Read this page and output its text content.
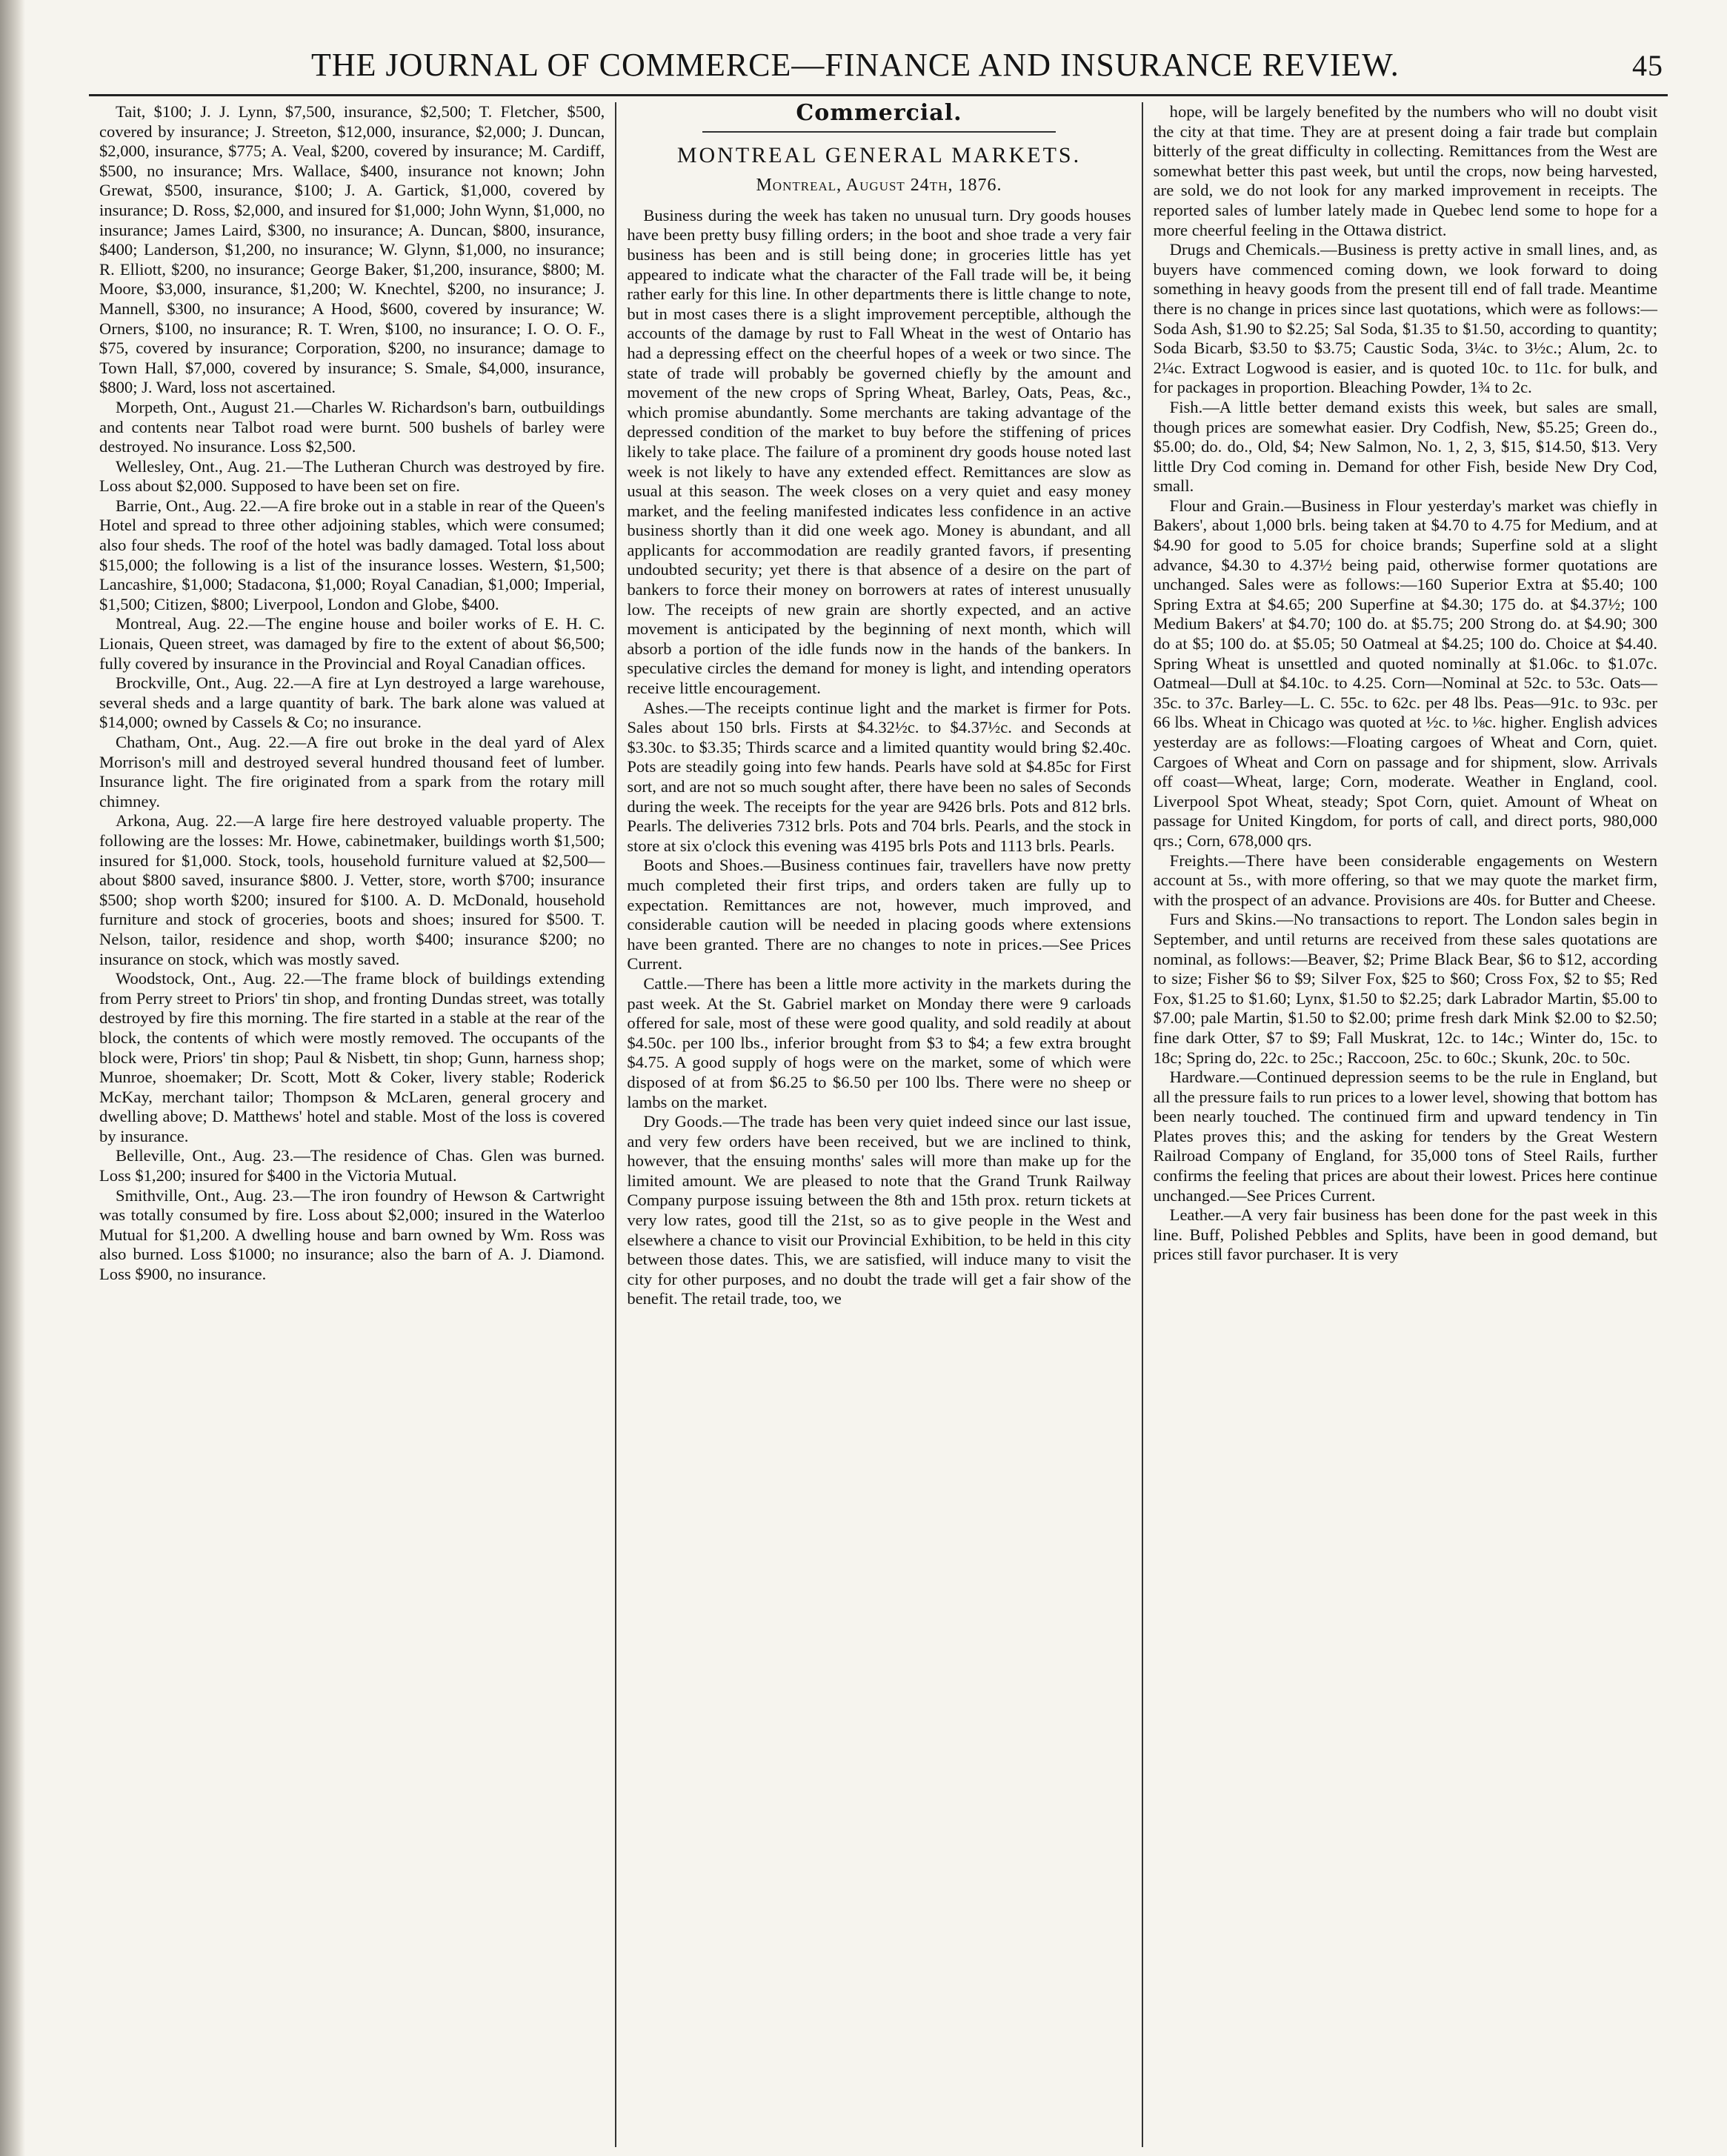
THE JOURNAL OF COMMERCE—FINANCE AND INSURANCE REVIEW.	45

Tait, $100; J. J. Lynn, $7,500, insurance, $2,500; T. Fletcher, $500, covered by insurance; J. Streeton, $12,000, insurance, $2,000; J. Duncan, $2,000, insurance, $775; A. Veal, $200, covered by insurance; M. Cardiff, $500, no insurance; Mrs. Wallace, $400, insurance not known; John Grewat, $500, insurance, $100; J. A. Gartick, $1,000, covered by insurance; D. Ross, $2,000, and insured for $1,000; John Wynn, $1,000, no insurance; James Laird, $300, no insurance; A. Duncan, $800, insurance, $400; Landerson, $1,200, no insurance; W. Glynn, $1,000, no insurance; R. Elliott, $200, no insurance; George Baker, $1,200, insurance, $800; M. Moore, $3,000, insurance, $1,200; W. Knechtel, $200, no insurance; J. Mannell, $300, no insurance; A Hood, $600, covered by insurance; W. Orners, $100, no insurance; R. T. Wren, $100, no insurance; I. O. O. F., $75, covered by insurance; Corporation, $200, no insurance; damage to Town Hall, $7,000, covered by insurance; S. Smale, $4,000, insurance, $800; J. Ward, loss not ascertained.

Morpeth, Ont., August 21.—Charles W. Richardson's barn, outbuildings and contents near Talbot road were burnt. 500 bushels of barley were destroyed. No insurance. Loss $2,500.

Wellesley, Ont., Aug. 21.—The Lutheran Church was destroyed by fire. Loss about $2,000. Supposed to have been set on fire.

Barrie, Ont., Aug. 22.—A fire broke out in a stable in rear of the Queen's Hotel and spread to three other adjoining stables, which were consumed; also four sheds. The roof of the hotel was badly damaged. Total loss about $15,000; the following is a list of the insurance losses. Western, $1,500; Lancashire, $1,000; Stadacona, $1,000; Royal Canadian, $1,000; Imperial, $1,500; Citizen, $800; Liverpool, London and Globe, $400.

Montreal, Aug. 22.—The engine house and boiler works of E. H. C. Lionais, Queen street, was damaged by fire to the extent of about $6,500; fully covered by insurance in the Provincial and Royal Canadian offices.

Brockville, Ont., Aug. 22.—A fire at Lyn destroyed a large warehouse, several sheds and a large quantity of bark. The bark alone was valued at $14,000; owned by Cassels & Co; no insurance.

Chatham, Ont., Aug. 22.—A fire out broke in the deal yard of Alex Morrison's mill and destroyed several hundred thousand feet of lumber. Insurance light. The fire originated from a spark from the rotary mill chimney.

Arkona, Aug. 22.—A large fire here destroyed valuable property. The following are the losses: Mr. Howe, cabinetmaker, buildings worth $1,500; insured for $1,000. Stock, tools, household furniture valued at $2,500—about $800 saved, insurance $800. J. Vetter, store, worth $700; insurance $500; shop worth $200; insured for $100. A. D. McDonald, household furniture and stock of groceries, boots and shoes; insured for $500. T. Nelson, tailor, residence and shop, worth $400; insurance $200; no insurance on stock, which was mostly saved.

Woodstock, Ont., Aug. 22.—The frame block of buildings extending from Perry street to Priors' tin shop, and fronting Dundas street, was totally destroyed by fire this morning. The fire started in a stable at the rear of the block, the contents of which were mostly removed. The occupants of the block were, Priors' tin shop; Paul & Nisbett, tin shop; Gunn, harness shop; Munroe, shoemaker; Dr. Scott, Mott & Coker, livery stable; Roderick McKay, merchant tailor; Thompson & McLaren, general grocery and dwelling above; D. Matthews' hotel and stable. Most of the loss is covered by insurance.

Belleville, Ont., Aug. 23.—The residence of Chas. Glen was burned. Loss $1,200; insured for $400 in the Victoria Mutual.

Smithville, Ont., Aug. 23.—The iron foundry of Hewson & Cartwright was totally consumed by fire. Loss about $2,000; insured in the Waterloo Mutual for $1,200. A dwelling house and barn owned by Wm. Ross was also burned. Loss $1000; no insurance; also the barn of A. J. Diamond. Loss $900, no insurance.

Commercial.
MONTREAL GENERAL MARKETS.
Montreal, August 24th, 1876.

Business during the week has taken no unusual turn. Dry goods houses have been pretty busy filling orders; in the boot and shoe trade a very fair business has been and is still being done; in groceries little has yet appeared to indicate what the character of the Fall trade will be, it being rather early for this line. In other departments there is little change to note, but in most cases there is a slight improvement perceptible, although the accounts of the damage by rust to Fall Wheat in the west of Ontario has had a depressing effect on the cheerful hopes of a week or two since. The state of trade will probably be governed chiefly by the amount and movement of the new crops of Spring Wheat, Barley, Oats, Peas, &c., which promise abundantly. Some merchants are taking advantage of the depressed condition of the market to buy before the stiffening of prices likely to take place. The failure of a prominent dry goods house noted last week is not likely to have any extended effect. Remittances are slow as usual at this season. The week closes on a very quiet and easy money market, and the feeling manifested indicates less confidence in an active business shortly than it did one week ago. Money is abundant, and all applicants for accommodation are readily granted favors, if presenting undoubted security; yet there is that absence of a desire on the part of bankers to force their money on borrowers at rates of interest unusually low. The receipts of new grain are shortly expected, and an active movement is anticipated by the beginning of next month, which will absorb a portion of the idle funds now in the hands of the bankers. In speculative circles the demand for money is light, and intending operators receive little encouragement.

Ashes.—The receipts continue light and the market is firmer for Pots. Sales about 150 brls. Firsts at $4.32½c. to $4.37½c. and Seconds at $3.30c. to $3.35; Thirds scarce and a limited quantity would bring $2.40c. Pots are steadily going into few hands. Pearls have sold at $4.85c for First sort, and are not so much sought after, there have been no sales of Seconds during the week. The receipts for the year are 9426 brls. Pots and 812 brls. Pearls. The deliveries 7312 brls. Pots and 704 brls. Pearls, and the stock in store at six o'clock this evening was 4195 brls Pots and 1113 brls. Pearls.

Boots and Shoes.—Business continues fair, travellers have now pretty much completed their first trips, and orders taken are fully up to expectation. Remittances are not, however, much improved, and considerable caution will be needed in placing goods where extensions have been granted. There are no changes to note in prices.—See Prices Current.

Cattle.—There has been a little more activity in the markets during the past week. At the St. Gabriel market on Monday there were 9 carloads offered for sale, most of these were good quality, and sold readily at about $4.50c. per 100 lbs., inferior brought from $3 to $4; a few extra brought $4.75. A good supply of hogs were on the market, some of which were disposed of at from $6.25 to $6.50 per 100 lbs. There were no sheep or lambs on the market.

Dry Goods.—The trade has been very quiet indeed since our last issue, and very few orders have been received, but we are inclined to think, however, that the ensuing months' sales will more than make up for the limited amount. We are pleased to note that the Grand Trunk Railway Company purpose issuing between the 8th and 15th prox. return tickets at very low rates, good till the 21st, so as to give people in the West and elsewhere a chance to visit our Provincial Exhibition, to be held in this city between those dates. This, we are satisfied, will induce many to visit the city for other purposes, and no doubt the trade will get a fair show of the benefit. The retail trade, too, we

hope, will be largely benefited by the numbers who will no doubt visit the city at that time. They are at present doing a fair trade but complain bitterly of the great difficulty in collecting. Remittances from the West are somewhat better this past week, but until the crops, now being harvested, are sold, we do not look for any marked improvement in receipts. The reported sales of lumber lately made in Quebec lend some to hope for a more cheerful feeling in the Ottawa district.

Drugs and Chemicals.—Business is pretty active in small lines, and, as buyers have commenced coming down, we look forward to doing something in heavy goods from the present till end of fall trade. Meantime there is no change in prices since last quotations, which were as follows:—Soda Ash, $1.90 to $2.25; Sal Soda, $1.35 to $1.50, according to quantity; Soda Bicarb, $3.50 to $3.75; Caustic Soda, 3¼c. to 3½c.; Alum, 2c. to 2¼c. Extract Logwood is easier, and is quoted 10c. to 11c. for bulk, and for packages in proportion. Bleaching Powder, 1¾ to 2c.

Fish.—A little better demand exists this week, but sales are small, though prices are somewhat easier. Dry Codfish, New, $5.25; Green do., $5.00; do. do., Old, $4; New Salmon, No. 1, 2, 3, $15, $14.50, $13. Very little Dry Cod coming in. Demand for other Fish, beside New Dry Cod, small.

Flour and Grain.—Business in Flour yesterday's market was chiefly in Bakers', about 1,000 brls. being taken at $4.70 to 4.75 for Medium, and at $4.90 for good to 5.05 for choice brands; Superfine sold at a slight advance, $4.30 to 4.37½ being paid, otherwise former quotations are unchanged. Sales were as follows:—160 Superior Extra at $5.40; 100 Spring Extra at $4.65; 200 Superfine at $4.30; 175 do. at $4.37½; 100 Medium Bakers' at $4.70; 100 do. at $5.75; 200 Strong do. at $4.90; 300 do at $5; 100 do. at $5.05; 50 Oatmeal at $4.25; 100 do. Choice at $4.40. Spring Wheat is unsettled and quoted nominally at $1.06c. to $1.07c. Oatmeal—Dull at $4.10c. to 4.25. Corn—Nominal at 52c. to 53c. Oats—35c. to 37c. Barley—L. C. 55c. to 62c. per 48 lbs. Peas—91c. to 93c. per 66 lbs. Wheat in Chicago was quoted at ½c. to ⅛c. higher. English advices yesterday are as follows:—Floating cargoes of Wheat and Corn, quiet. Cargoes of Wheat and Corn on passage and for shipment, slow. Arrivals off coast—Wheat, large; Corn, moderate. Weather in England, cool. Liverpool Spot Wheat, steady; Spot Corn, quiet. Amount of Wheat on passage for United Kingdom, for ports of call, and direct ports, 980,000 qrs.; Corn, 678,000 qrs.

Freights.—There have been considerable engagements on Western account at 5s., with more offering, so that we may quote the market firm, with the prospect of an advance. Provisions are 40s. for Butter and Cheese.

Furs and Skins.—No transactions to report. The London sales begin in September, and until returns are received from these sales quotations are nominal, as follows:—Beaver, $2; Prime Black Bear, $6 to $12, according to size; Fisher $6 to $9; Silver Fox, $25 to $60; Cross Fox, $2 to $5; Red Fox, $1.25 to $1.60; Lynx, $1.50 to $2.25; dark Labrador Martin, $5.00 to $7.00; pale Martin, $1.50 to $2.00; prime fresh dark Mink $2.00 to $2.50; fine dark Otter, $7 to $9; Fall Muskrat, 12c. to 14c.; Winter do, 15c. to 18c; Spring do, 22c. to 25c.; Raccoon, 25c. to 60c.; Skunk, 20c. to 50c.

Hardware.—Continued depression seems to be the rule in England, but all the pressure fails to run prices to a lower level, showing that bottom has been nearly touched. The continued firm and upward tendency in Tin Plates proves this; and the asking for tenders by the Great Western Railroad Company of England, for 35,000 tons of Steel Rails, further confirms the feeling that prices are about their lowest. Prices here continue unchanged.—See Prices Current.

Leather.—A very fair business has been done for the past week in this line. Buff, Polished Pebbles and Splits, have been in good demand, but prices still favor purchaser. It is very
